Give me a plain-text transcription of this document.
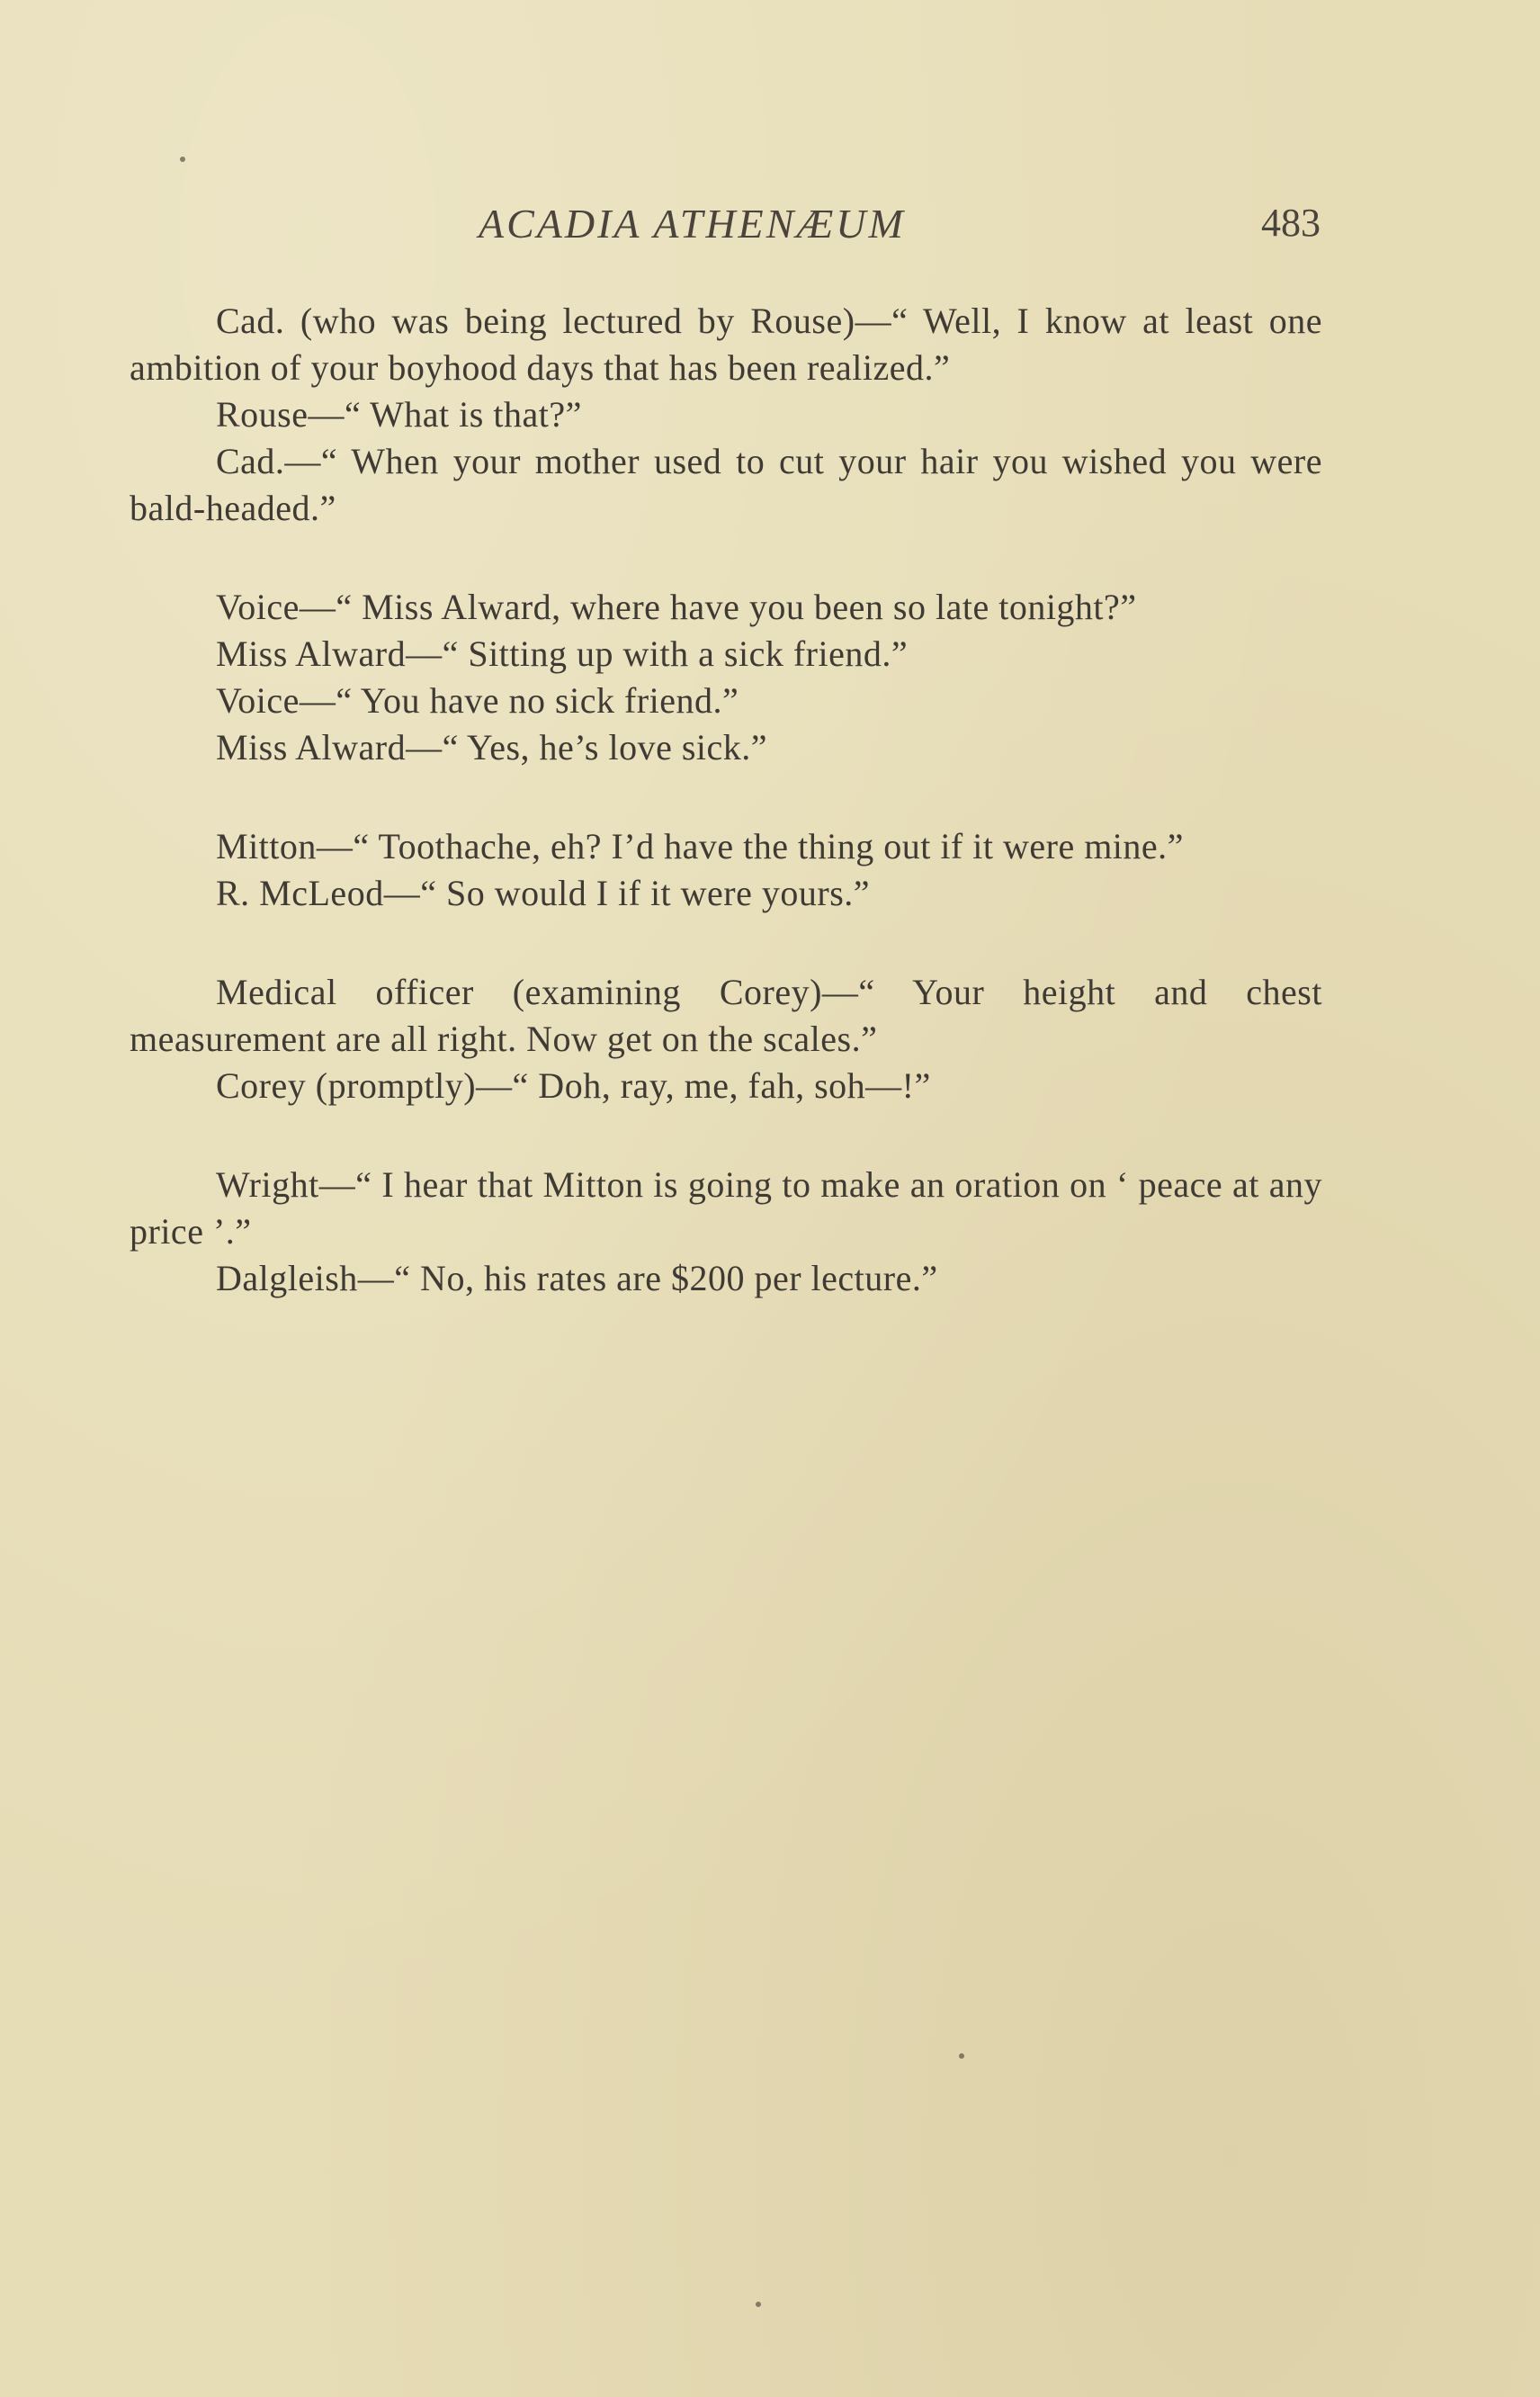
ACADIA ATHENÆUM	483

Cad. (who was being lectured by Rouse)—“ Well, I know at least one ambition of your boyhood days that has been realized.”

Rouse—“ What is that?”

Cad.—“ When your mother used to cut your hair you wished you were bald-headed.”

Voice—“ Miss Alward, where have you been so late tonight?”

Miss Alward—“ Sitting up with a sick friend.”

Voice—“ You have no sick friend.”

Miss Alward—“ Yes, he’s love sick.”

Mitton—“ Toothache, eh? I’d have the thing out if it were mine.”

R. McLeod—“ So would I if it were yours.”

Medical officer (examining Corey)—“ Your height and chest measurement are all right. Now get on the scales.”

Corey (promptly)—“ Doh, ray, me, fah, soh—!”

Wright—“ I hear that Mitton is going to make an oration on ‘ peace at any price ’.”

Dalgleish—“ No, his rates are $200 per lecture.”
